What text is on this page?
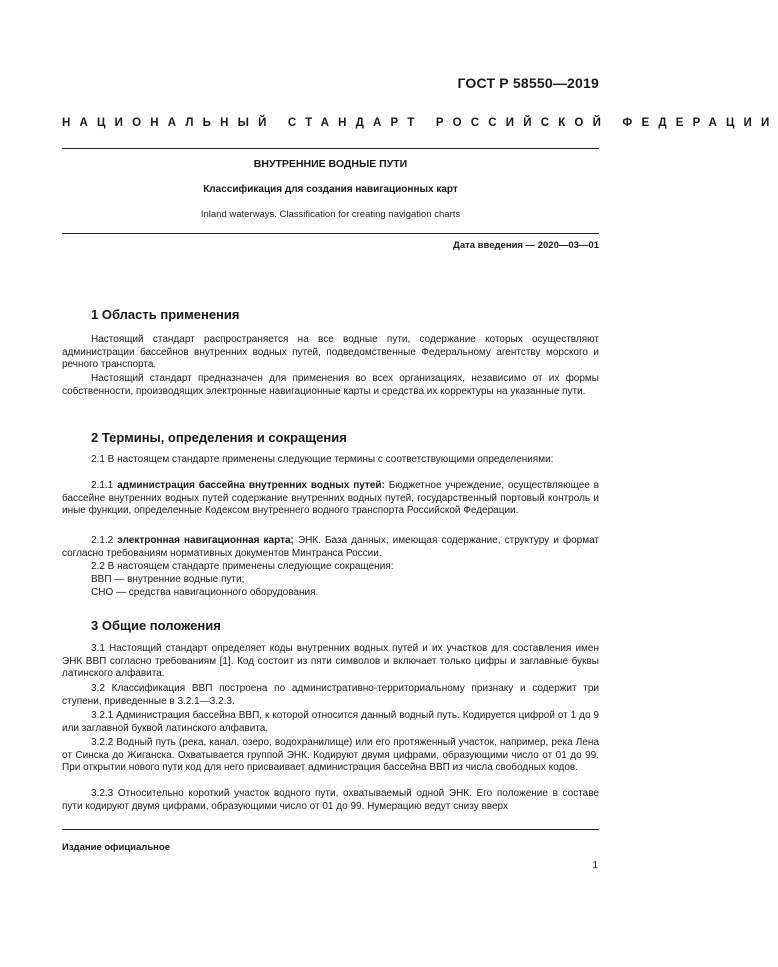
ГОСТ Р 58550—2019
НАЦИОНАЛЬНЫЙ СТАНДАРТ РОССИЙСКОЙ ФЕДЕРАЦИИ
ВНУТРЕННИЕ ВОДНЫЕ ПУТИ
Классификация для создания навигационных карт
Inland waterways. Classification for creating navigation charts
Дата введения — 2020—03—01
1 Область применения

Настоящий стандарт распространяется на все водные пути, содержание которых осуществляют администрации бассейнов внутренних водных путей, подведомственные Федеральному агентству морского и речного транспорта.

Настоящий стандарт предназначен для применения во всех организациях, независимо от их формы собственности, производящих электронные навигационные карты и средства их корректуры на указанные пути.

2 Термины, определения и сокращения

2.1 В настоящем стандарте применены следующие термины с соответствующими определениями:

2.1.1 администрация бассейна внутренних водных путей: Бюджетное учреждение, осуществляющее в бассейне внутренних водных путей содержание внутренних водных путей, государственный портовый контроль и иные функции, определенные Кодексом внутреннего водного транспорта Российской Федерации.

2.1.2 электронная навигационная карта; ЭНК. База данных, имеющая содержание, структуру и формат согласно требованиям нормативных документов Минтранса России.

2.2 В настоящем стандарте применены следующие сокращения:
ВВП — внутренние водные пути;
СНО — средства навигационного оборудования.
3 Общие положения

3.1 Настоящий стандарт определяет коды внутренних водных путей и их участков для составления имен ЭНК ВВП согласно требованиям [1]. Код состоит из пяти символов и включает только цифры и заглавные буквы латинского алфавита.

3.2 Классификация ВВП построена по административно-территориальному признаку и содержит три ступени, приведенные в 3.2.1—3.2.3.

3.2.1 Администрация бассейна ВВП, к которой относится данный водный путь. Кодируется цифрой от 1 до 9 или заглавной буквой латинского алфавита.

3.2.2 Водный путь (река, канал, озеро, водохранилище) или его протяженный участок, например, река Лена от Синска до Жиганска. Охватывается группой ЭНК. Кодируют двумя цифрами, образующими число от 01 до 99. При открытии нового пути код для него присваивает администрация бассейна ВВП из числа свободных кодов.

3.2.3 Относительно короткий участок водного пути, охватываемый одной ЭНК. Его положение в составе пути кодируют двумя цифрами, образующими число от 01 до 99. Нумерацию ведут снизу вверх

Издание официальное
1
